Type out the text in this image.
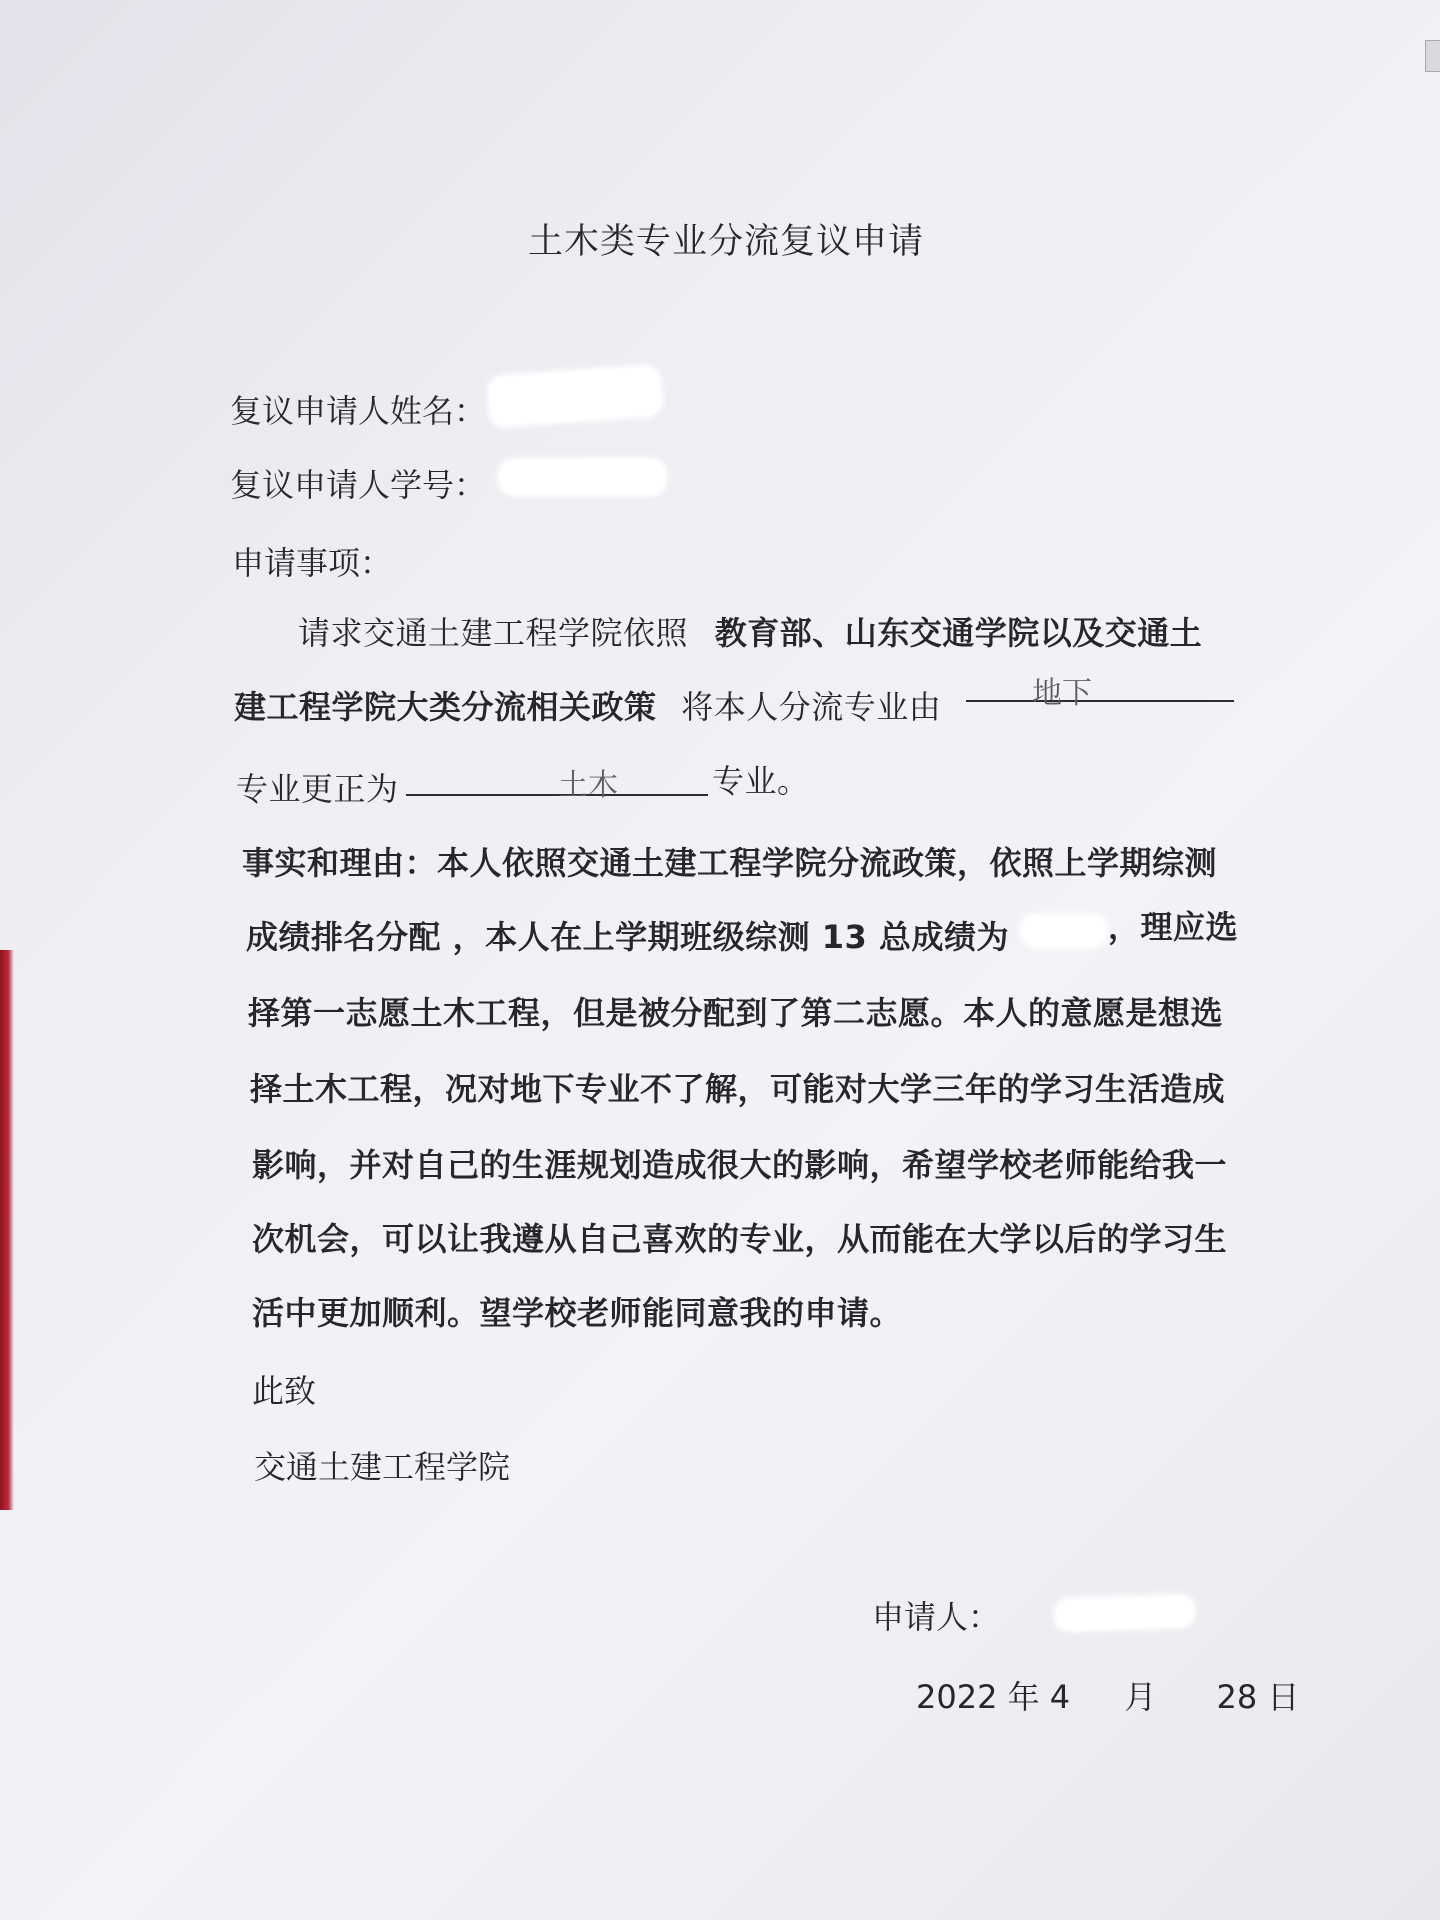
土木类专业分流复议申请
复议申请人姓名：
复议申请人学号：
申请事项：
请求交通土建工程学院依照 教育部、山东交通学院以及交通土
建工程学院大类分流相关政策 将本人分流专业由	地下
专业更正为	土木	专业。
事实和理由：本人依照交通土建工程学院分流政策，依照上学期综测
成绩排名分配 ，本人在上学期班级综测 13 总成绩为	，理应选
择第一志愿土木工程，但是被分配到了第二志愿。本人的意愿是想选
择土木工程，况对地下专业不了解，可能对大学三年的学习生活造成
影响，并对自己的生涯规划造成很大的影响，希望学校老师能给我一
次机会，可以让我遵从自己喜欢的专业，从而能在大学以后的学习生
活中更加顺利。望学校老师能同意我的申请。
此致
交通土建工程学院
申请人：
2022 年 4 月 28 日
